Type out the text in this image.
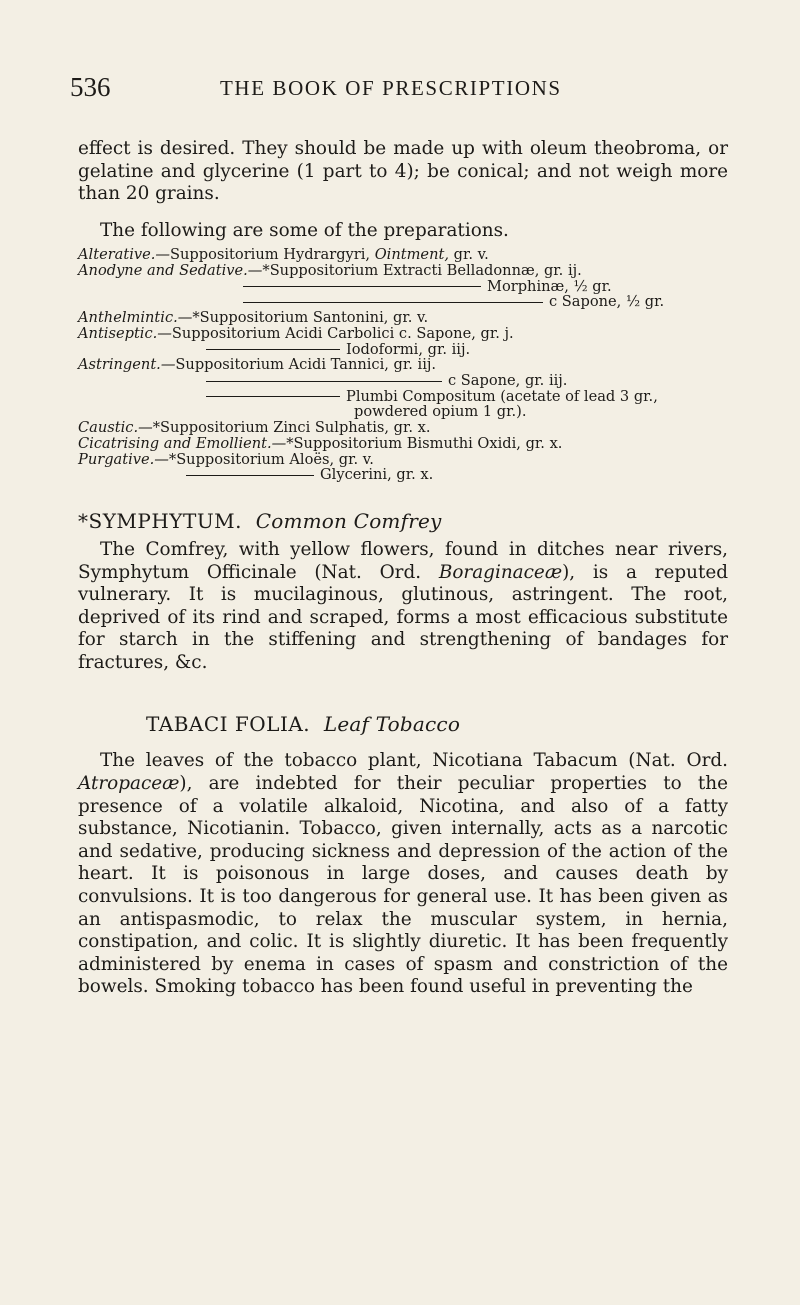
536	THE BOOK OF PRESCRIPTIONS

effect is desired. They should be made up with oleum theobroma, or gelatine and glycerine (1 part to 4); be conical; and not weigh more than 20 grains.

The following are some of the preparations.

Alterative.—Suppositorium Hydrargyri, Ointment, gr. v.
Anodyne and Sedative.—*Suppositorium Extracti Belladonnæ, gr. ij.
Morphinæ, ½ gr.
c Sapone, ½ gr.
Anthelmintic.—*Suppositorium Santonini, gr. v.
Antiseptic.—Suppositorium Acidi Carbolici c. Sapone, gr. j.
Iodoformi, gr. iij.
Astringent.—Suppositorium Acidi Tannici, gr. iij.
c Sapone, gr. iij.
Plumbi Compositum (acetate of lead 3 gr.,
powdered opium 1 gr.).
Caustic.—*Suppositorium Zinci Sulphatis, gr. x.
Cicatrising and Emollient.—*Suppositorium Bismuthi Oxidi, gr. x.
Purgative.—*Suppositorium Aloës, gr. v.
Glycerini, gr. x.
*SYMPHYTUM. Common Comfrey

The Comfrey, with yellow flowers, found in ditches near rivers, Symphytum Officinale (Nat. Ord. Boraginaceæ), is a reputed vulnerary. It is mucilaginous, glutinous, astringent. The root, deprived of its rind and scraped, forms a most efficacious substitute for starch in the stiffening and strengthening of bandages for fractures, &c.

TABACI FOLIA. Leaf Tobacco

The leaves of the tobacco plant, Nicotiana Tabacum (Nat. Ord. Atropaceæ), are indebted for their peculiar properties to the presence of a volatile alkaloid, Nicotina, and also of a fatty substance, Nicotianin. Tobacco, given internally, acts as a narcotic and sedative, producing sickness and depression of the action of the heart. It is poisonous in large doses, and causes death by convulsions. It is too dangerous for general use. It has been given as an antispasmodic, to relax the muscular system, in hernia, constipation, and colic. It is slightly diuretic. It has been frequently administered by enema in cases of spasm and constriction of the bowels. Smoking tobacco has been found useful in preventing the
